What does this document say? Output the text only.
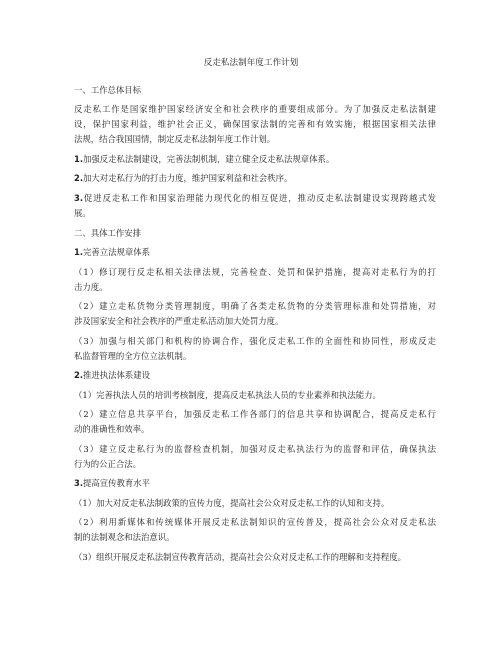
反走私法制年度工作计划
一、工作总体目标
反走私工作是国家维护国家经济安全和社会秩序的重要组成部分。为了加强反走私法制建
设，保护国家利益，维护社会正义，确保国家法制的完善和有效实施，根据国家相关法律
法规，结合我国国情，制定反走私法制年度工作计划。
1.加强反走私法制建设，完善法制机制，建立健全反走私法规章体系。
2.加大对走私行为的打击力度，维护国家利益和社会秩序。
3.促进反走私工作和国家治理能力现代化的相互促进，推动反走私法制建设实现跨越式发
展。
二、具体工作安排
1.完善立法规章体系
（1）修订现行反走私相关法律法规，完善检查、处罚和保护措施，提高对走私行为的打
击力度。
（2）建立走私货物分类管理制度，明确了各类走私货物的分类管理标准和处罚措施，对
涉及国家安全和社会秩序的严重走私活动加大处罚力度。
（3）加强与相关部门和机构的协调合作，强化反走私工作的全面性和协同性，形成反走
私监督管理的全方位立法机制。
2.推进执法体系建设
（1）完善执法人员的培训考核制度，提高反走私执法人员的专业素养和执法能力。
（2）建立信息共享平台，加强反走私工作各部门的信息共享和协调配合，提高反走私行
动的准确性和效率。
（3）建立反走私行为的监督检查机制，加强对反走私执法行为的监督和评估，确保执法
行为的公正合法。
3.提高宣传教育水平
（1）加大对反走私法制政策的宣传力度，提高社会公众对反走私工作的认知和支持。
（2）利用新媒体和传统媒体开展反走私法制知识的宣传普及，提高社会公众对反走私法
制的法制观念和法治意识。
（3）组织开展反走私法制宣传教育活动，提高社会公众对反走私工作的理解和支持程度。
